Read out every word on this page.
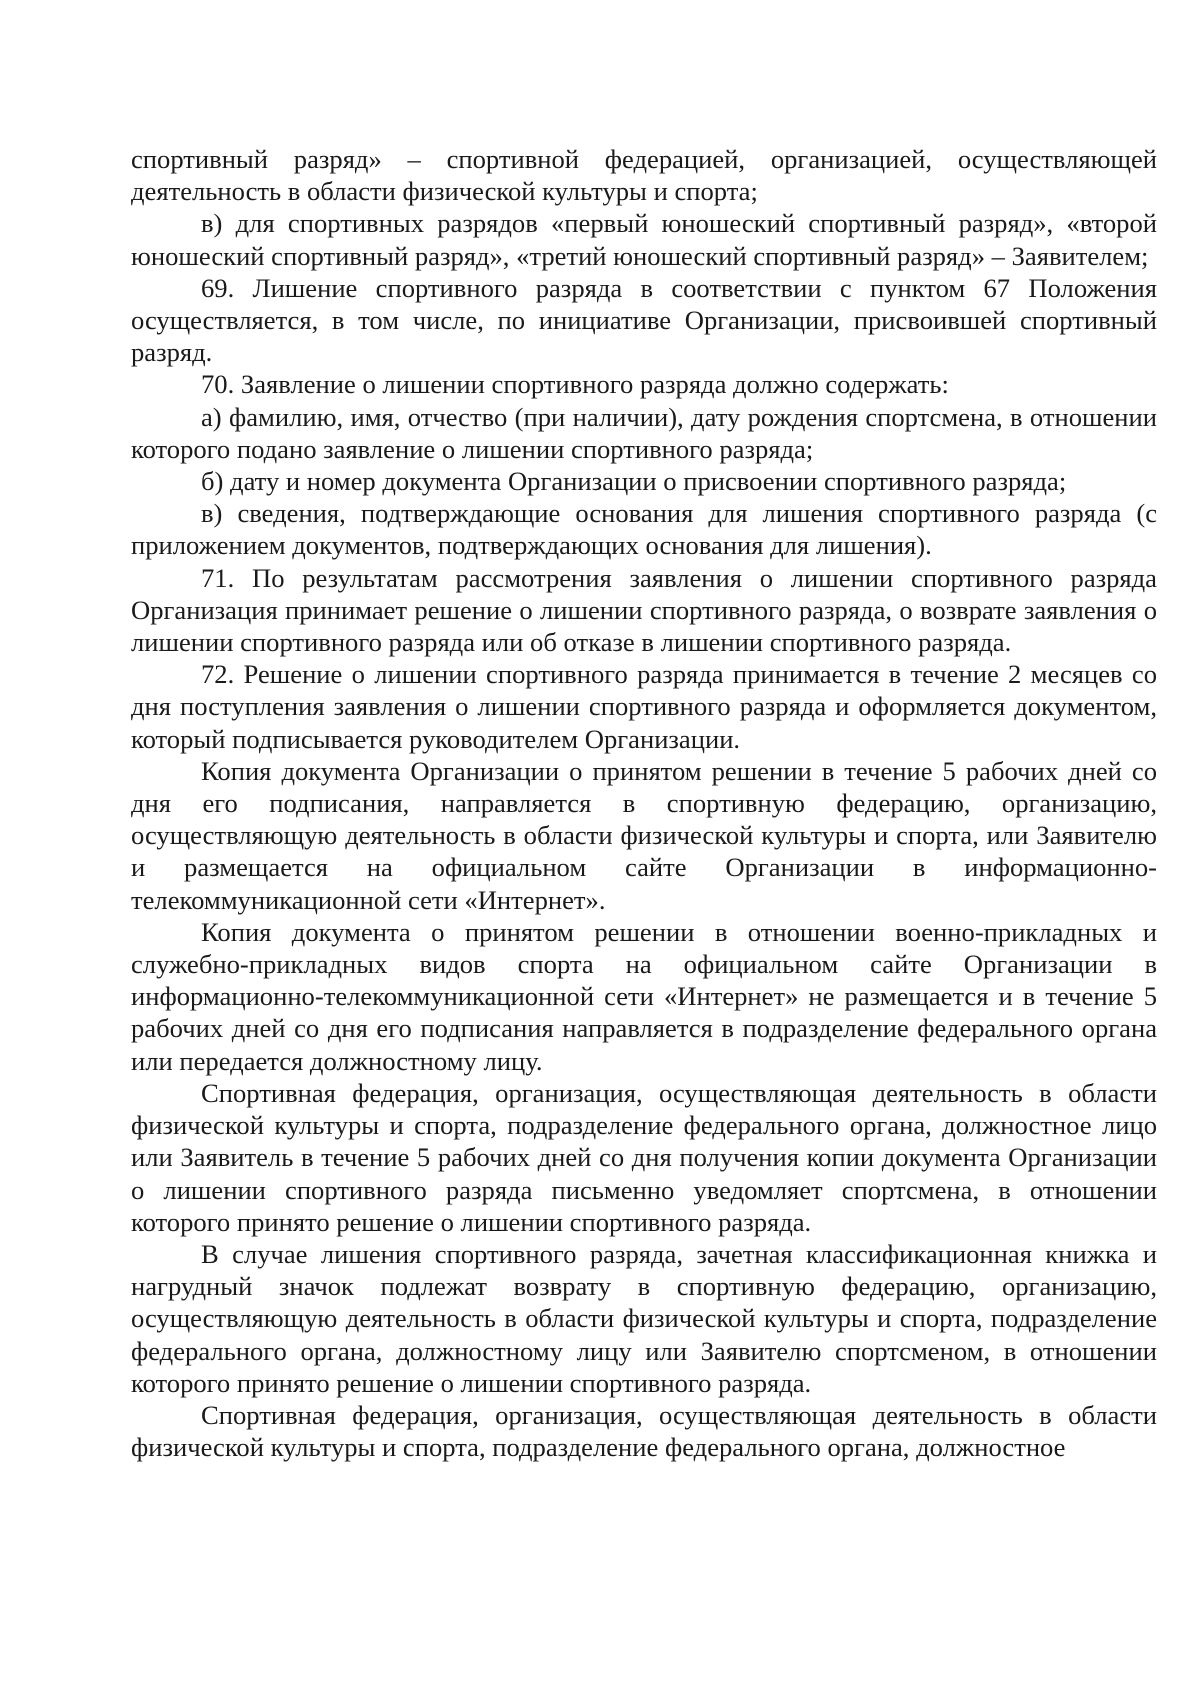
спортивный разряд» – спортивной федерацией, организацией, осуществляющей деятельность в области физической культуры и спорта;

в) для спортивных разрядов «первый юношеский спортивный разряд», «второй юношеский спортивный разряд», «третий юношеский спортивный разряд» – Заявителем;

69. Лишение спортивного разряда в соответствии с пунктом 67 Положения осуществляется, в том числе, по инициативе Организации, присвоившей спортивный разряд.

70. Заявление о лишении спортивного разряда должно содержать:

а) фамилию, имя, отчество (при наличии), дату рождения спортсмена, в отношении которого подано заявление о лишении спортивного разряда;

б) дату и номер документа Организации о присвоении спортивного разряда;

в) сведения, подтверждающие основания для лишения спортивного разряда (с приложением документов, подтверждающих основания для лишения).

71. По результатам рассмотрения заявления о лишении спортивного разряда Организация принимает решение о лишении спортивного разряда, о возврате заявления о лишении спортивного разряда или об отказе в лишении спортивного разряда.

72. Решение о лишении спортивного разряда принимается в течение 2 месяцев со дня поступления заявления о лишении спортивного разряда и оформляется документом, который подписывается руководителем Организации.

Копия документа Организации о принятом решении в течение 5 рабочих дней со дня его подписания, направляется в спортивную федерацию, организацию, осуществляющую деятельность в области физической культуры и спорта, или Заявителю и размещается на официальном сайте Организации в информационно-телекоммуникационной сети «Интернет».

Копия документа о принятом решении в отношении военно-прикладных и служебно-прикладных видов спорта на официальном сайте Организации в информационно-телекоммуникационной сети «Интернет» не размещается и в течение 5 рабочих дней со дня его подписания направляется в подразделение федерального органа или передается должностному лицу.

Спортивная федерация, организация, осуществляющая деятельность в области физической культуры и спорта, подразделение федерального органа, должностное лицо или Заявитель в течение 5 рабочих дней со дня получения копии документа Организации о лишении спортивного разряда письменно уведомляет спортсмена, в отношении которого принято решение о лишении спортивного разряда.

В случае лишения спортивного разряда, зачетная классификационная книжка и нагрудный значок подлежат возврату в спортивную федерацию, организацию, осуществляющую деятельность в области физической культуры и спорта, подразделение федерального органа, должностному лицу или Заявителю спортсменом, в отношении которого принято решение о лишении спортивного разряда.

Спортивная федерация, организация, осуществляющая деятельность в области физической культуры и спорта, подразделение федерального органа, должностное
